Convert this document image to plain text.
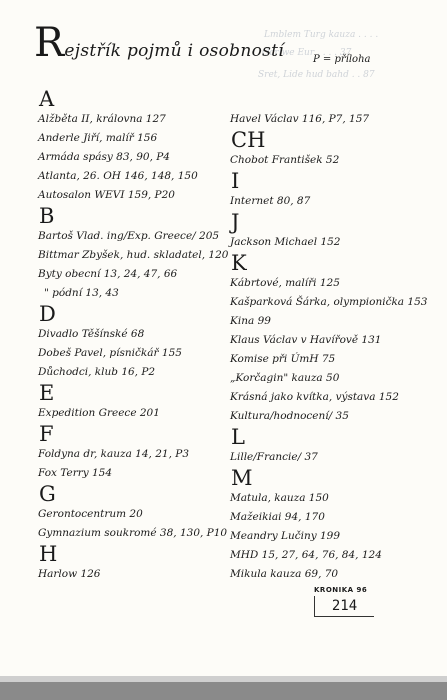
Lmblem Turg kauza . . . .
Ocrlwe Eur . . . . 37
Sret, Lide hud bahd . . 87
Rejstřík pojmů i osobností	P = příloha
A
Alžběta II, královna 127
Anderle Jiří, malíř 156
Armáda spásy 83, 90, P4
Atlanta, 26. OH 146, 148, 150
Autosalon WEVI 159, P20
B
Bartoš Vlad. ing/Exp. Greece/ 205
Bittmar Zbyšek, hud. skladatel, 120
Byty obecní 13, 24, 47, 66
" pódní 13, 43
D
Divadlo Těšínské 68
Dobeš Pavel, písničkář 155
Důchodci, klub 16, P2
E
Expedition Greece 201
F
Foldyna dr, kauza 14, 21, P3
Fox Terry 154
G
Gerontocentrum 20
Gymnazium soukromé 38, 130, P10
H
Harlow 126
Havel Václav 116, P7, 157
CH
Chobot František 52
I
Internet 80, 87
J
Jackson Michael 152
K
Kábrtové, malíři 125
Kašparková Šárka, olympionička 153
Kina 99
Klaus Václav v Havířově 131
Komise při ÚmH 75
„Korčagin" kauza 50
Krásná jako kvítka, výstava 152
Kultura/hodnocení/ 35
L
Lille/Francie/ 37
M
Matula, kauza 150
Mažeikiai 94, 170
Meandry Lučiny 199
MHD 15, 27, 64, 76, 84, 124
Mikula kauza 69, 70
KRONIKA 96
214
